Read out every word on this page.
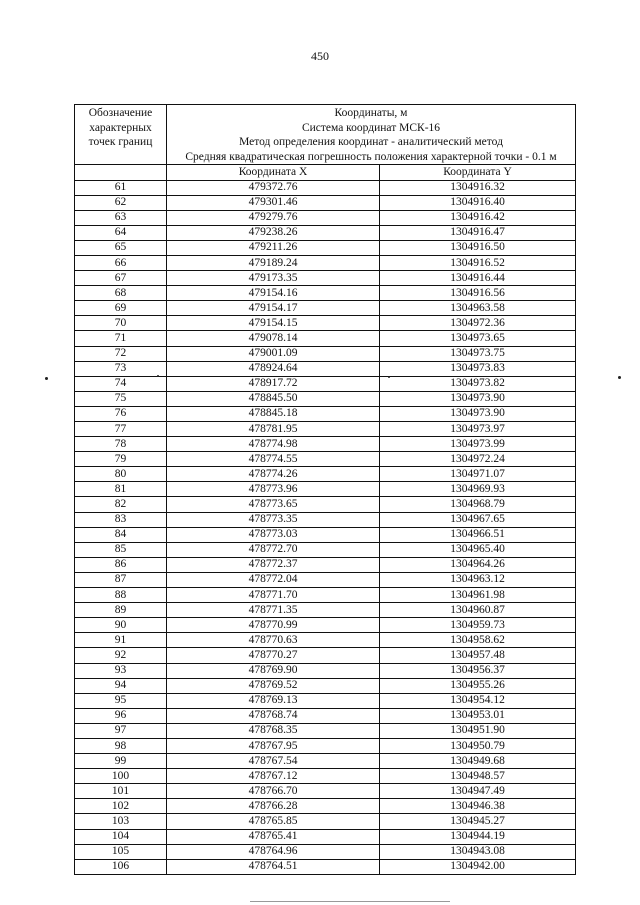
450
Обозначение характерных точек границ	Координаты, м
Система координат МСК-16
Метод определения координат - аналитический метод
Средняя квадратическая погрешность положения характерной точки - 0.1 м	

	Координата X	Координата Y
61	479372.76	1304916.32
62	479301.46	1304916.40
63	479279.76	1304916.42
64	479238.26	1304916.47
65	479211.26	1304916.50
66	479189.24	1304916.52
67	479173.35	1304916.44
68	479154.16	1304916.56
69	479154.17	1304963.58
70	479154.15	1304972.36
71	479078.14	1304973.65
72	479001.09	1304973.75
73	478924.64	1304973.83
74	478917.72	1304973.82
75	478845.50	1304973.90
76	478845.18	1304973.90
77	478781.95	1304973.97
78	478774.98	1304973.99
79	478774.55	1304972.24
80	478774.26	1304971.07
81	478773.96	1304969.93
82	478773.65	1304968.79
83	478773.35	1304967.65
84	478773.03	1304966.51
85	478772.70	1304965.40
86	478772.37	1304964.26
87	478772.04	1304963.12
88	478771.70	1304961.98
89	478771.35	1304960.87
90	478770.99	1304959.73
91	478770.63	1304958.62
92	478770.27	1304957.48
93	478769.90	1304956.37
94	478769.52	1304955.26
95	478769.13	1304954.12
96	478768.74	1304953.01
97	478768.35	1304951.90
98	478767.95	1304950.79
99	478767.54	1304949.68
100	478767.12	1304948.57
101	478766.70	1304947.49
102	478766.28	1304946.38
103	478765.85	1304945.27
104	478765.41	1304944.19
105	478764.96	1304943.08
106	478764.51	1304942.00
